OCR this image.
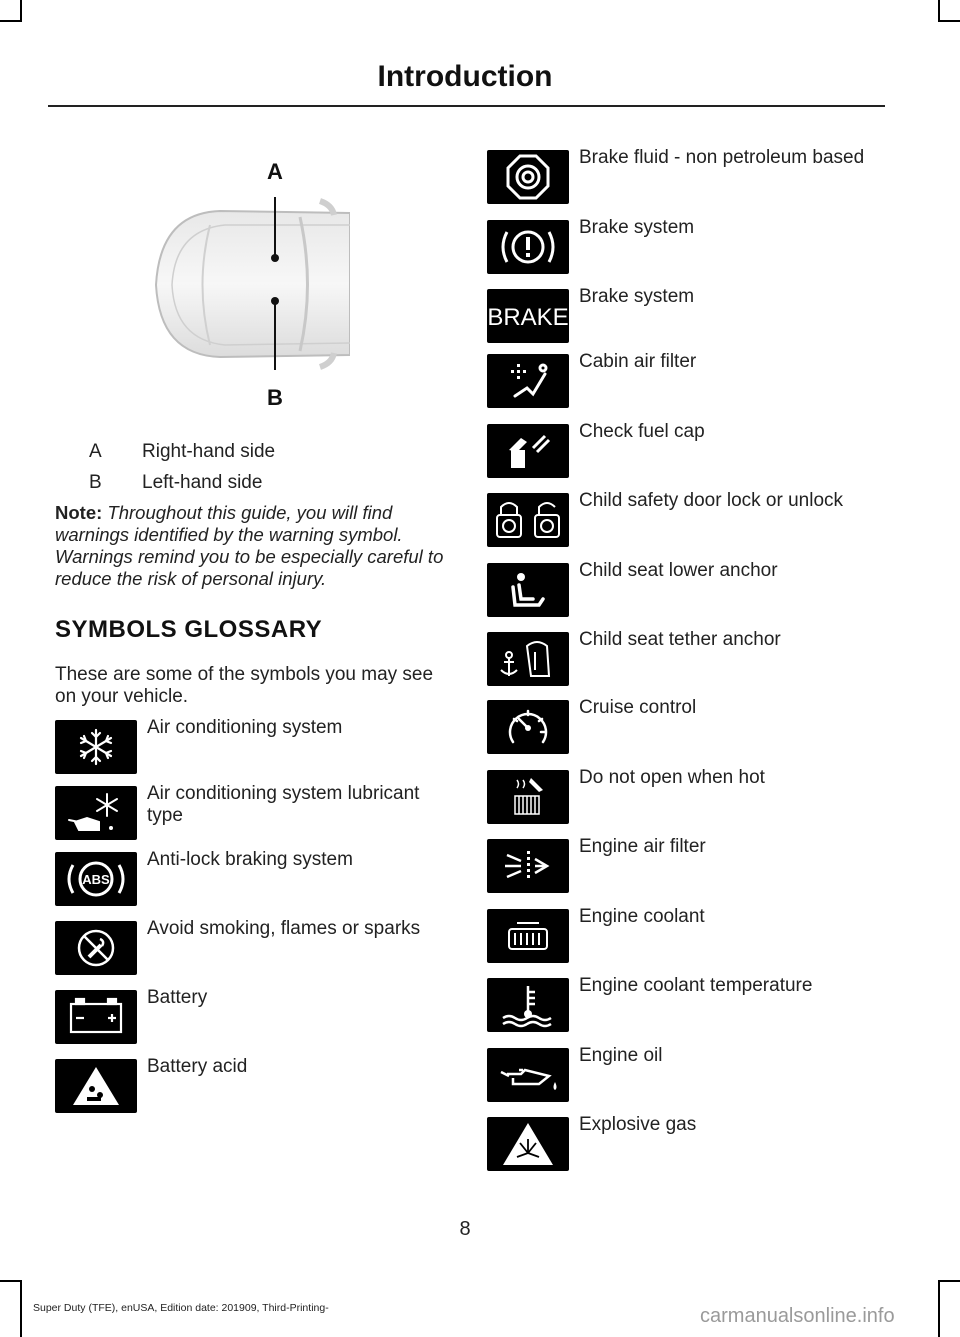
Introduction
A
B
A	Right-hand side
B	Left-hand side
Note: Throughout this guide, you will find warnings identified by the warning symbol. Warnings remind you to be especially careful to reduce the risk of personal injury.
SYMBOLS GLOSSARY
These are some of the symbols you may see on your vehicle.
Air conditioning system
Air conditioning system lubricant type
ABS
Anti-lock braking system
Avoid smoking, flames or sparks
Battery
Battery acid
Brake fluid - non petroleum based
Brake system
BRAKE
Brake system
Cabin air filter
Check fuel cap
Child safety door lock or unlock
Child seat lower anchor
Child seat tether anchor
Cruise control
Do not open when hot
Engine air filter
Engine coolant
Engine coolant temperature
Engine oil
Explosive gas
8
Super Duty (TFE), enUSA, Edition date: 201909, Third-Printing-	carmanualsonline.info
